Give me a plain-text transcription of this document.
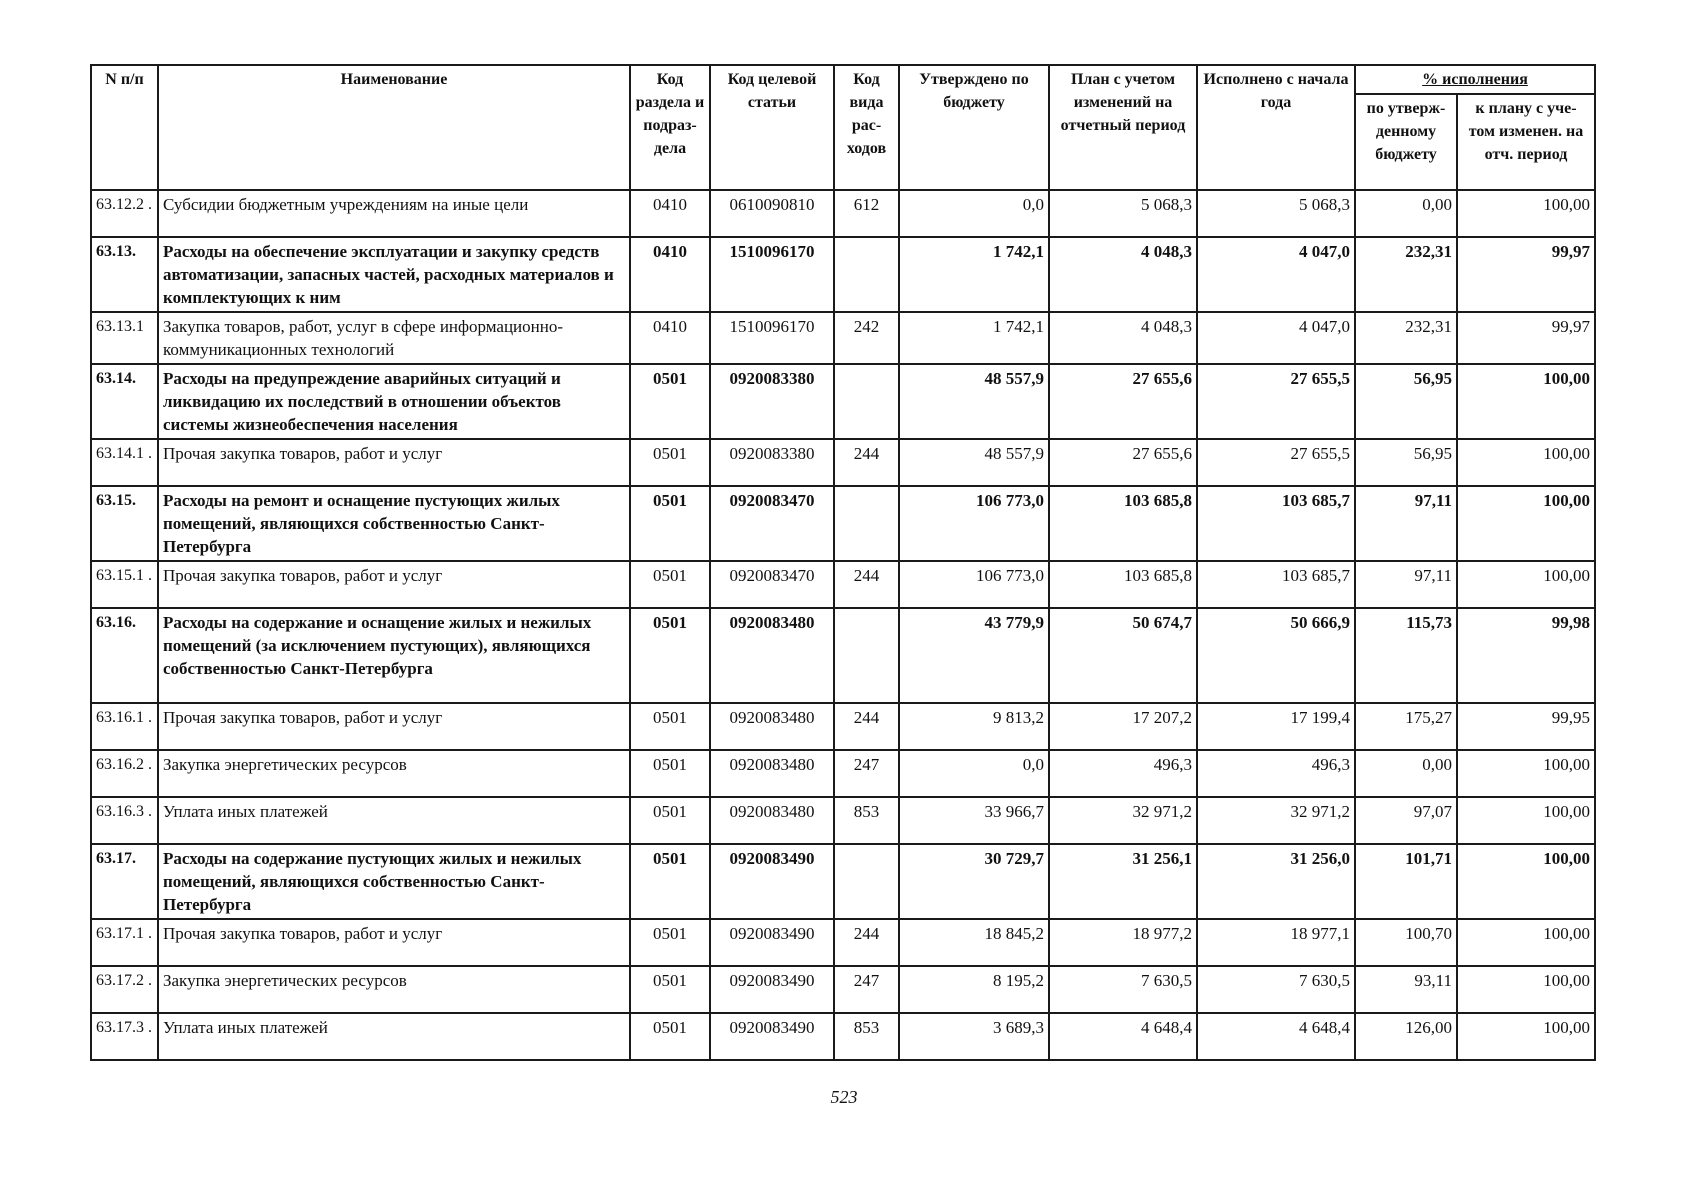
N п/п	Наименование	Код раздела и подраз- дела	Код целевой статьи	Код вида рас- ходов	Утверждено по бюджету	План с учетом изменений на отчетный период	Исполнено с начала года	% исполнения	
								по утверж- денному бюджету	к плану с уче- том изменен. на отч. период
63.12.2 .	Субсидии бюджетным учреждениям на иные цели	0410	0610090810	612	0,0	5 068,3	5 068,3	0,00	100,00
63.13.	Расходы на обеспечение эксплуатации и закупку средств автоматизации, запасных частей, расходных материалов и комплектующих к ним	0410	1510096170		1 742,1	4 048,3	4 047,0	232,31	99,97
63.13.1	Закупка товаров, работ, услуг в сфере информационно-коммуникационных технологий	0410	1510096170	242	1 742,1	4 048,3	4 047,0	232,31	99,97
63.14.	Расходы на предупреждение аварийных ситуаций и ликвидацию их последствий в отношении объектов системы жизнеобеспечения населения	0501	0920083380		48 557,9	27 655,6	27 655,5	56,95	100,00
63.14.1 .	Прочая закупка товаров, работ и услуг	0501	0920083380	244	48 557,9	27 655,6	27 655,5	56,95	100,00
63.15.	Расходы на ремонт и оснащение пустующих жилых помещений, являющихся собственностью Санкт-Петербурга	0501	0920083470		106 773,0	103 685,8	103 685,7	97,11	100,00
63.15.1 .	Прочая закупка товаров, работ и услуг	0501	0920083470	244	106 773,0	103 685,8	103 685,7	97,11	100,00
63.16.	Расходы на содержание и оснащение жилых и нежилых помещений (за исключением пустующих), являющихся собственностью Санкт-Петербурга	0501	0920083480		43 779,9	50 674,7	50 666,9	115,73	99,98
63.16.1 .	Прочая закупка товаров, работ и услуг	0501	0920083480	244	9 813,2	17 207,2	17 199,4	175,27	99,95
63.16.2 .	Закупка энергетических ресурсов	0501	0920083480	247	0,0	496,3	496,3	0,00	100,00
63.16.3 .	Уплата иных платежей	0501	0920083480	853	33 966,7	32 971,2	32 971,2	97,07	100,00
63.17.	Расходы на содержание пустующих жилых и нежилых помещений, являющихся собственностью Санкт-Петербурга	0501	0920083490		30 729,7	31 256,1	31 256,0	101,71	100,00
63.17.1 .	Прочая закупка товаров, работ и услуг	0501	0920083490	244	18 845,2	18 977,2	18 977,1	100,70	100,00
63.17.2 .	Закупка энергетических ресурсов	0501	0920083490	247	8 195,2	7 630,5	7 630,5	93,11	100,00
63.17.3 .	Уплата иных платежей	0501	0920083490	853	3 689,3	4 648,4	4 648,4	126,00	100,00
523
